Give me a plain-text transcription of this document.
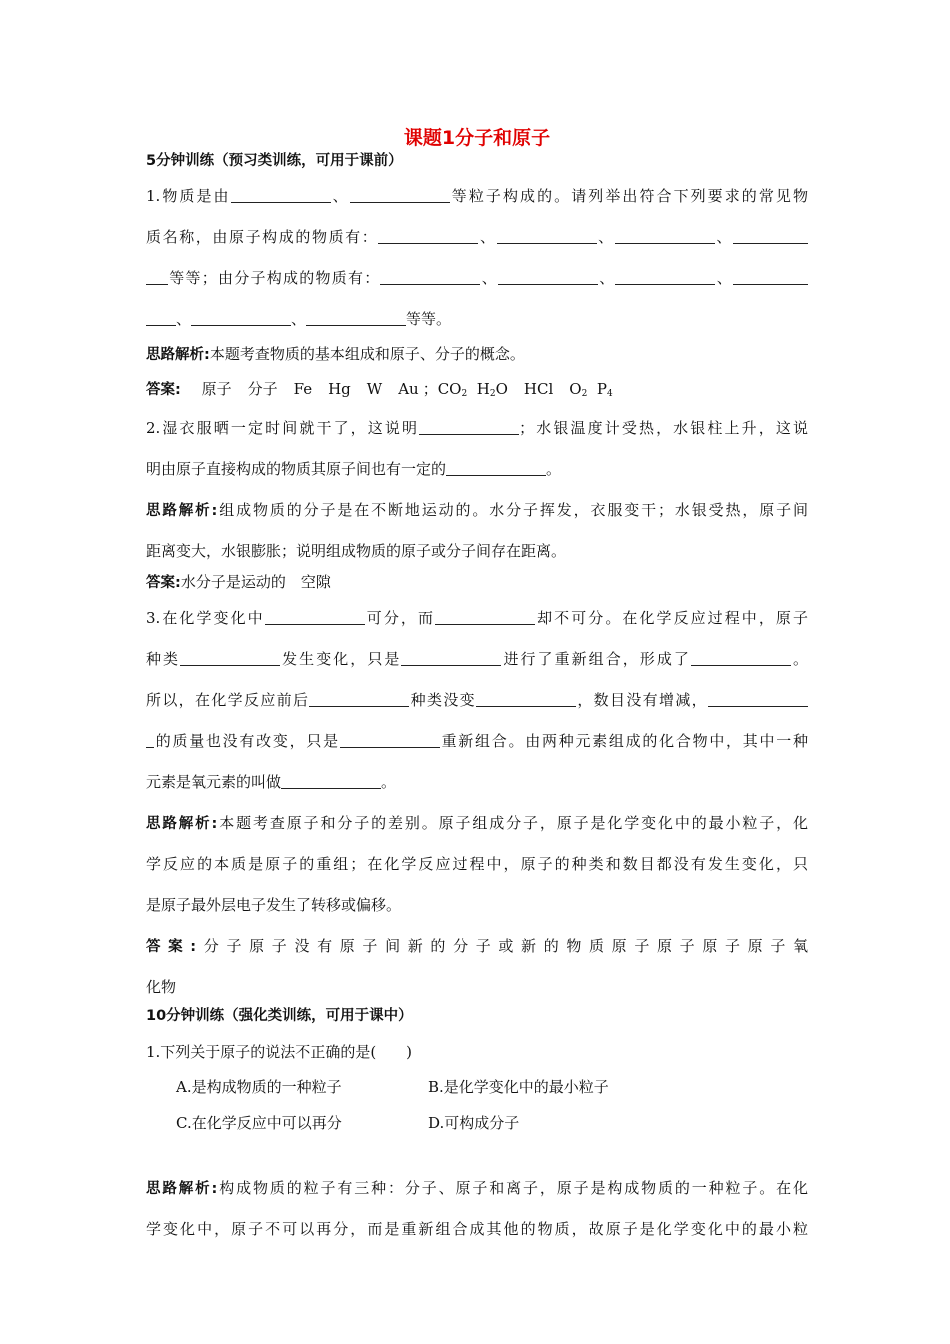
课题1分子和原子
5分钟训练（预习类训练，可用于课前）
1.物质是由	、	等粒子构成的。请列举出符合下列要求的常见物
质名称，由原子构成的物质有：	、	、	、
等等；由分子构成的物质有：	、	、	、
、	、	等等。
思路解析:本题考查物质的基本组成和原子、分子的概念。
答案: 原子 分子 Fe Hg W Au ；$CO_2$ $H_2O$ HCl $O_2$ $P_4$
2.湿衣服晒一定时间就干了，这说明	；水银温度计受热，水银柱上升，这说
明由原子直接构成的物质其原子间也有一定的	。
思路解析:组成物质的分子是在不断地运动的。水分子挥发，衣服变干；水银受热，原子间
距离变大，水银膨胀；说明组成物质的原子或分子间存在距离。
答案:水分子是运动的　空隙
3.在化学变化中	可分，而	却不可分。在化学反应过程中，原子
种类	发生变化，只是	进行了重新组合，形成了	。
所以，在化学反应前后	种类没变	，数目没有增减，
的质量也没有改变，只是	重新组合。由两种元素组成的化合物中，其中一种
元素是氧元素的叫做	。
思路解析:本题考查原子和分子的差别。原子组成分子，原子是化学变化中的最小粒子，化
学反应的本质是原子的重组；在化学反应过程中，原子的种类和数目都没有发生变化，只
是原子最外层电子发生了转移或偏移。
答案:分子原子没有原子间新的分子或新的物质原子原子原子原子氧
化物
10分钟训练（强化类训练，可用于课中）
1.下列关于原子的说法不正确的是(　　)
A.是构成物质的一种粒子	B.是化学变化中的最小粒子
C.在化学反应中可以再分	D.可构成分子
思路解析:构成物质的粒子有三种：分子、原子和离子，原子是构成物质的一种粒子。在化
学变化中，原子不可以再分，而是重新组合成其他的物质，故原子是化学变化中的最小粒
